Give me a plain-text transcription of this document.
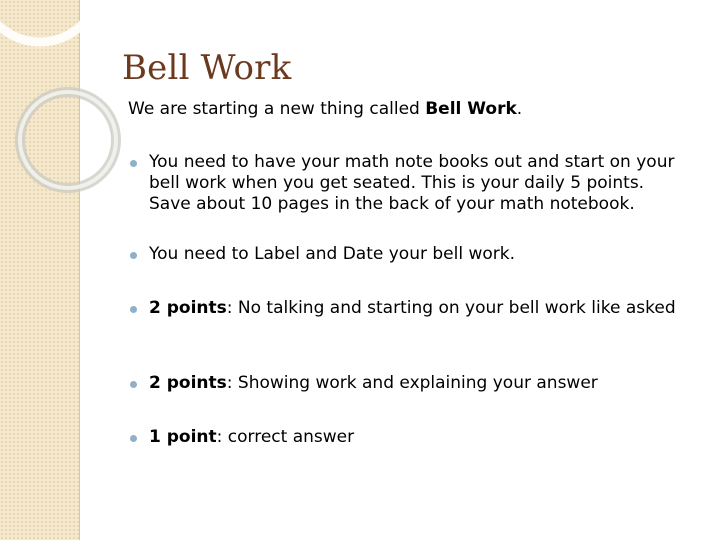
Bell Work

We are starting a new thing called Bell Work.

You need to have your math note books out and start on your bell work when you get seated. This is your daily 5 points. Save about 10 pages in the back of your math notebook.

You need to Label and Date your bell work.

2 points: No talking and starting on your bell work like asked

2 points: Showing work and explaining your answer

1 point: correct answer
